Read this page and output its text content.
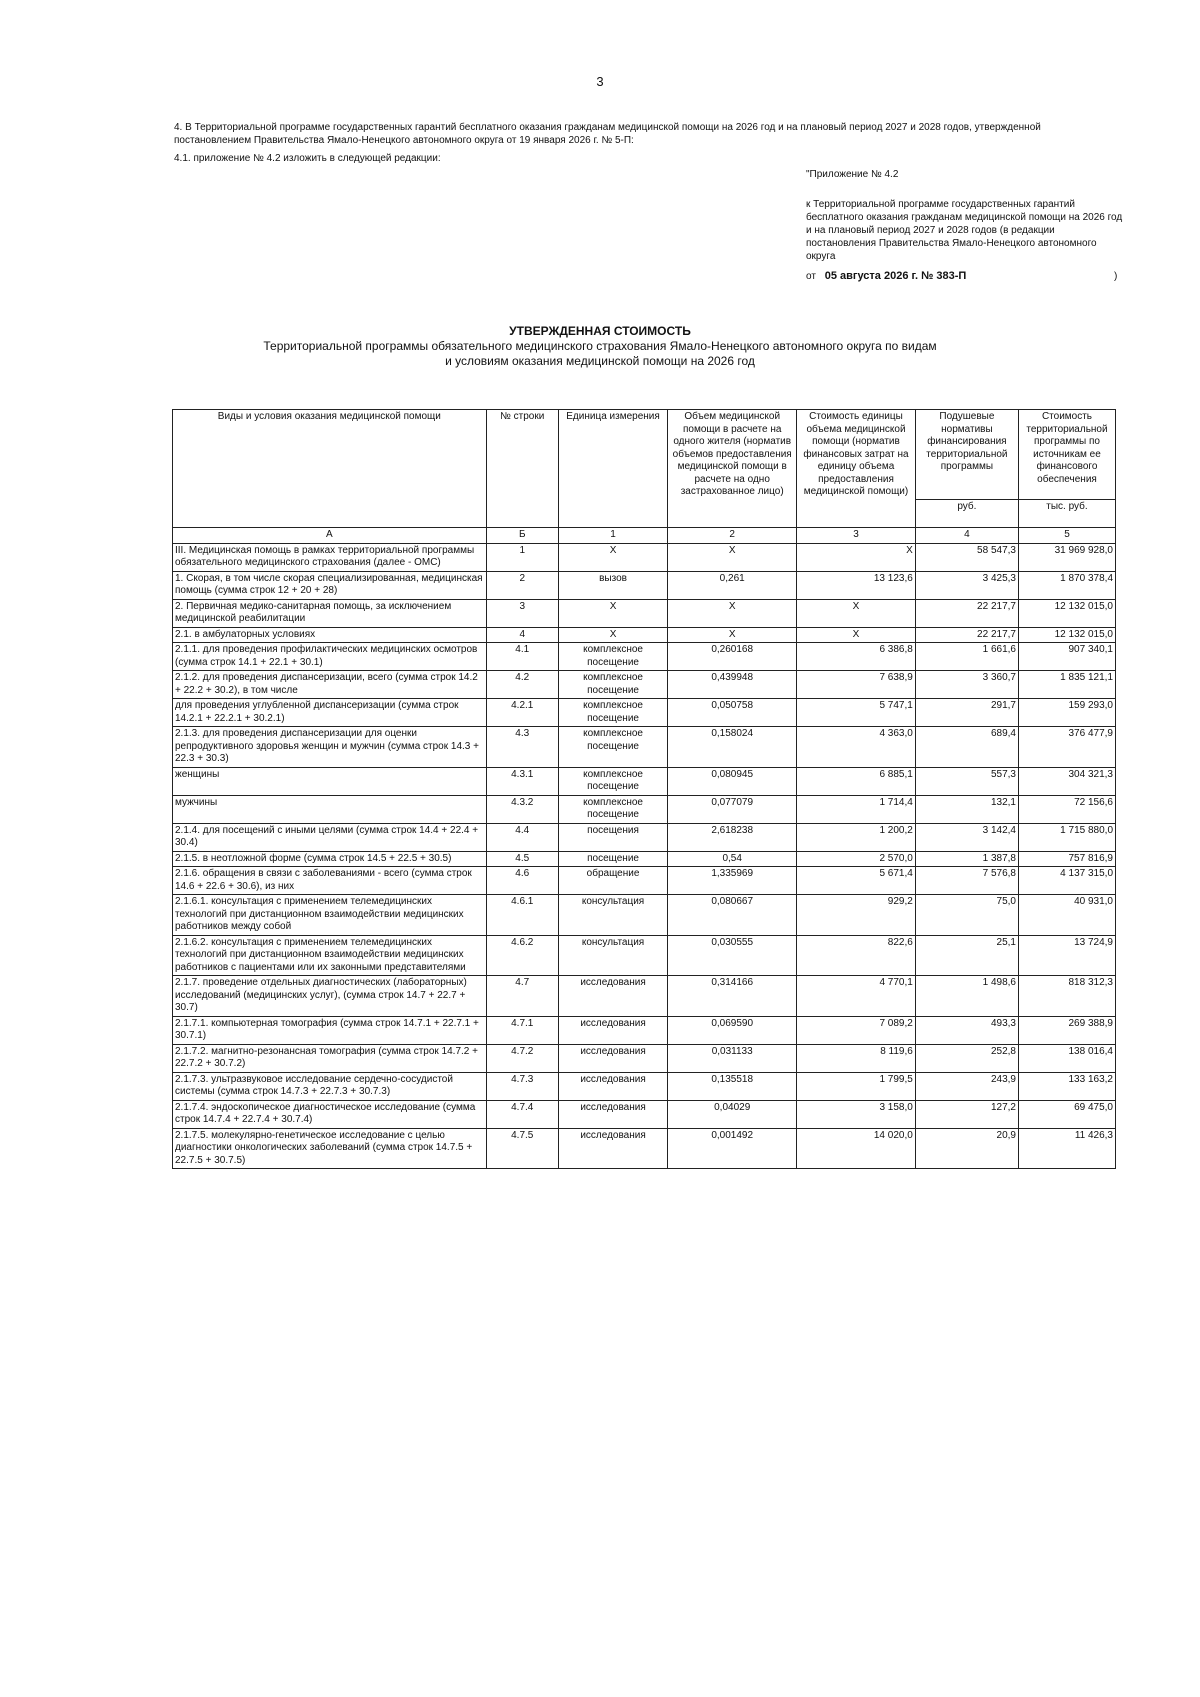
3
4. В Территориальной программе государственных гарантий бесплатного оказания гражданам медицинской помощи на 2026 год и на плановый период 2027 и 2028 годов, утвержденной постановлением Правительства Ямало-Ненецкого автономного округа от 19 января 2026 г. № 5-П:
4.1. приложение № 4.2 изложить в следующей редакции:
"Приложение № 4.2
к Территориальной программе государственных гарантий бесплатного оказания гражданам медицинской помощи на 2026 год и на плановый период 2027 и 2028 годов (в редакции постановления Правительства Ямало-Ненецкого автономного округа
от 05 августа 2026 г. № 383-П	)
УТВЕРЖДЕННАЯ СТОИМОСТЬ
Территориальной программы обязательного медицинского страхования Ямало-Ненецкого автономного округа по видам
и условиям оказания медицинской помощи на 2026 год
Виды и условия оказания медицинской помощи	№ строки	Единица измерения	Объем медицинской помощи в расчете на одного жителя (норматив объемов предоставления медицинской помощи в расчете на одно застрахованное лицо)	Стоимость единицы объема медицинской помощи (норматив финансовых затрат на единицу объема предоставления медицинской помощи)	Подушевые нормативы финансирования территориальной программы	Стоимость территориальной программы по источникам ее финансового обеспечения
					руб.	тыс. руб.
А	Б	1	2	3	4	5
III. Медицинская помощь в рамках территориальной программы обязательного медицинского страхования (далее - ОМС)	1	X	X	X	58 547,3	31 969 928,0
1. Скорая, в том числе скорая специализированная, медицинская помощь (сумма строк 12 + 20 + 28)	2	вызов	0,261	13 123,6	3 425,3	1 870 378,4
2. Первичная медико-санитарная помощь, за исключением медицинской реабилитации	3	X	X	X	22 217,7	12 132 015,0
2.1. в амбулаторных условиях	4	X	X	X	22 217,7	12 132 015,0
2.1.1. для проведения профилактических медицинских осмотров (сумма строк 14.1 + 22.1 + 30.1)	4.1	комплексное посещение	0,260168	6 386,8	1 661,6	907 340,1
2.1.2. для проведения диспансеризации, всего (сумма строк 14.2 + 22.2 + 30.2), в том числе	4.2	комплексное посещение	0,439948	7 638,9	3 360,7	1 835 121,1
для проведения углубленной диспансеризации (сумма строк 14.2.1 + 22.2.1 + 30.2.1)	4.2.1	комплексное посещение	0,050758	5 747,1	291,7	159 293,0
2.1.3. для проведения диспансеризации для оценки репродуктивного здоровья женщин и мужчин (сумма строк 14.3 + 22.3 + 30.3)	4.3	комплексное посещение	0,158024	4 363,0	689,4	376 477,9
женщины	4.3.1	комплексное посещение	0,080945	6 885,1	557,3	304 321,3
мужчины	4.3.2	комплексное посещение	0,077079	1 714,4	132,1	72 156,6
2.1.4. для посещений с иными целями (сумма строк 14.4 + 22.4 + 30.4)	4.4	посещения	2,618238	1 200,2	3 142,4	1 715 880,0
2.1.5. в неотложной форме (сумма строк 14.5 + 22.5 + 30.5)	4.5	посещение	0,54	2 570,0	1 387,8	757 816,9
2.1.6. обращения в связи с заболеваниями - всего (сумма строк 14.6 + 22.6 + 30.6), из них	4.6	обращение	1,335969	5 671,4	7 576,8	4 137 315,0
2.1.6.1. консультация с применением телемедицинских технологий при дистанционном взаимодействии медицинских работников между собой	4.6.1	консультация	0,080667	929,2	75,0	40 931,0
2.1.6.2. консультация с применением телемедицинских технологий при дистанционном взаимодействии медицинских работников с пациентами или их законными представителями	4.6.2	консультация	0,030555	822,6	25,1	13 724,9
2.1.7. проведение отдельных диагностических (лабораторных) исследований (медицинских услуг), (сумма строк 14.7 + 22.7 + 30.7)	4.7	исследования	0,314166	4 770,1	1 498,6	818 312,3
2.1.7.1. компьютерная томография (сумма строк 14.7.1 + 22.7.1 + 30.7.1)	4.7.1	исследования	0,069590	7 089,2	493,3	269 388,9
2.1.7.2. магнитно-резонансная томография (сумма строк 14.7.2 + 22.7.2 + 30.7.2)	4.7.2	исследования	0,031133	8 119,6	252,8	138 016,4
2.1.7.3. ультразвуковое исследование сердечно-сосудистой системы (сумма строк 14.7.3 + 22.7.3 + 30.7.3)	4.7.3	исследования	0,135518	1 799,5	243,9	133 163,2
2.1.7.4. эндоскопическое диагностическое исследование (сумма строк 14.7.4 + 22.7.4 + 30.7.4)	4.7.4	исследования	0,04029	3 158,0	127,2	69 475,0
2.1.7.5. молекулярно-генетическое исследование с целью диагностики онкологических заболеваний (сумма строк 14.7.5 + 22.7.5 + 30.7.5)	4.7.5	исследования	0,001492	14 020,0	20,9	11 426,3
